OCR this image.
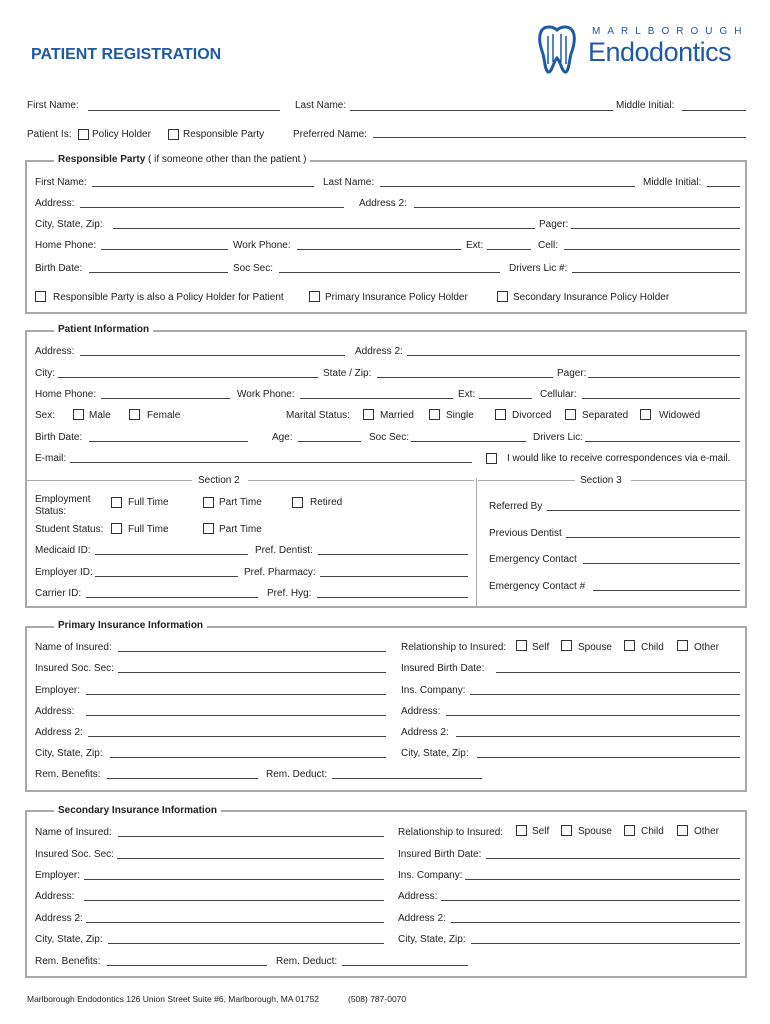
PATIENT REGISTRATION
MARLBOROUGH
Endodontics
First Name:	Last Name:	Middle Initial:
Patient Is: Policy Holder	Responsible Party	Preferred Name:
Responsible Party ( if someone other than the patient )
First Name:	Last Name:	Middle Initial:
Address:	Address 2:
City, State, Zip:	Pager:
Home Phone:	Work Phone:	Ext:	Cell:
Birth Date:	Soc Sec:	Drivers Lic #:
Responsible Party is also a Policy Holder for Patient	Primary Insurance Policy Holder	Secondary Insurance Policy Holder
Patient Information
Address:	Address 2:
City:	State / Zip:	Pager:
Home Phone:	Work Phone:	Ext:	Cellular:
Sex:	Male	Female	Marital Status:	Married	Single	Divorced	Separated	Widowed
Birth Date:	Age:	Soc Sec:	Drivers Lic:
E-mail:	I would like to receive correspondences via e-mail.
Section 2	Section 3
Employment
Status:
Full Time	Part Time	Retired
Student Status: Full Time	Part Time
Medicaid ID:	Pref. Dentist:
Employer ID:	Pref. Pharmacy:
Carrier ID:	Pref. Hyg:
Referred By
Previous Dentist
Emergency Contact
Emergency Contact #
Primary Insurance Information
Name of Insured:	Relationship to Insured:	Self	Spouse	Child	Other
Insured Soc. Sec:	Insured Birth Date:
Employer:	Ins. Company:
Address:	Address:
Address 2:	Address 2:
City, State, Zip:	City, State, Zip:
Rem. Benefits:	Rem. Deduct:
Secondary Insurance Information
Name of Insured:	Relationship to Insured:	Self	Spouse	Child	Other
Insured Soc. Sec:	Insured Birth Date:
Employer:	Ins. Company:
Address:	Address:
Address 2:	Address 2:
City, State, Zip:	City, State, Zip:
Rem. Benefits:	Rem. Deduct:
Marlborough Endodontics 126 Union Street Suite #6, Marlborough, MA 01752	(508) 787-0070
